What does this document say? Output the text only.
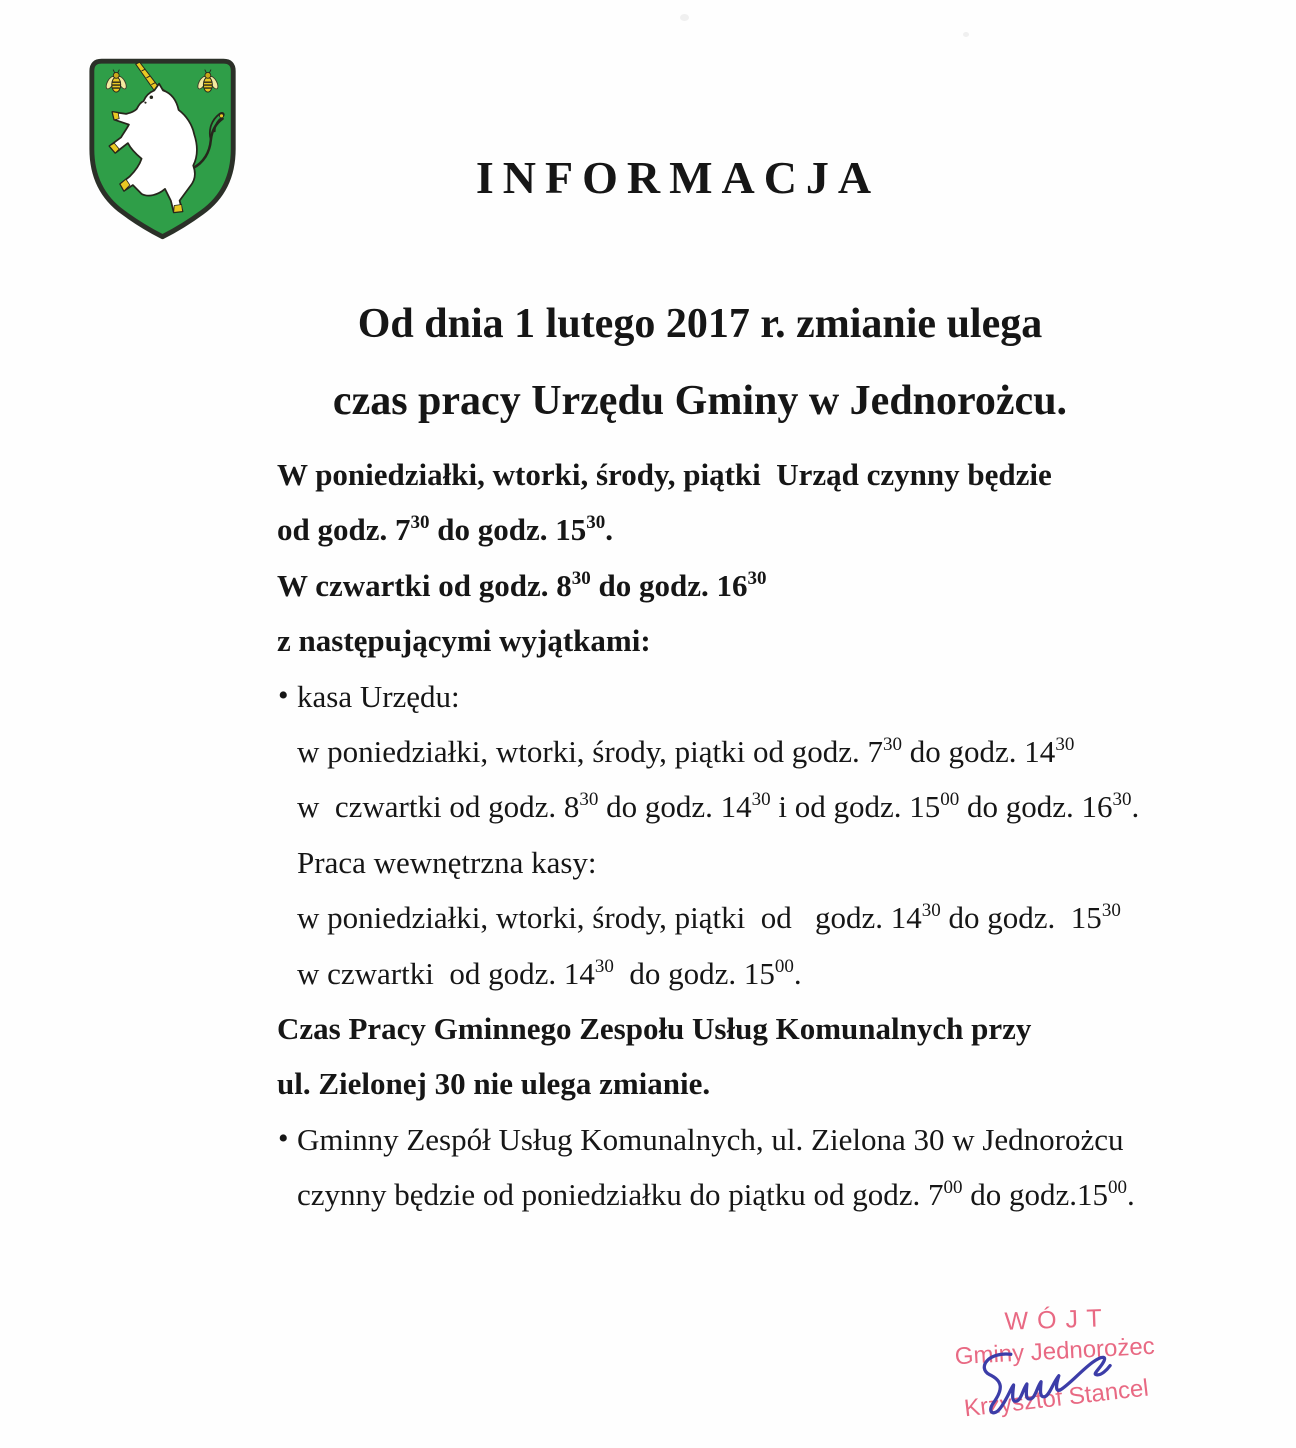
INFORMACJA
Od dnia 1 lutego 2017 r. zmianie ulega
czas pracy Urzędu Gminy w Jednorożcu.
W poniedziałki, wtorki, środy, piątki  Urząd czynny będzie
od godz. $7^{30}$ do godz. $15^{30}$.
W czwartki od godz. $8^{30}$ do godz. $16^{30}$
z następującymi wyjątkami:
• kasa Urzędu:
w poniedziałki, wtorki, środy, piątki od godz. $7^{30}$ do godz. $14^{30}$
w  czwartki od godz. $8^{30}$ do godz. $14^{30}$ i od godz. $15^{00}$ do godz. $16^{30}$.
Praca wewnętrzna kasy:
w poniedziałki, wtorki, środy, piątki  od   godz. $14^{30}$ do godz.  $15^{30}$
w czwartki  od godz. $14^{30}$  do godz. $15^{00}$.
Czas Pracy Gminnego Zespołu Usług Komunalnych przy
ul. Zielonej 30 nie ulega zmianie.
• Gminny Zespół Usług Komunalnych, ul. Zielona 30 w Jednorożcu
czynny będzie od poniedziałku do piątku od godz. $7^{00}$ do $godz.15^{00}$.
W Ó J T
Gminy Jednorożec
Krzysztof Stancel
